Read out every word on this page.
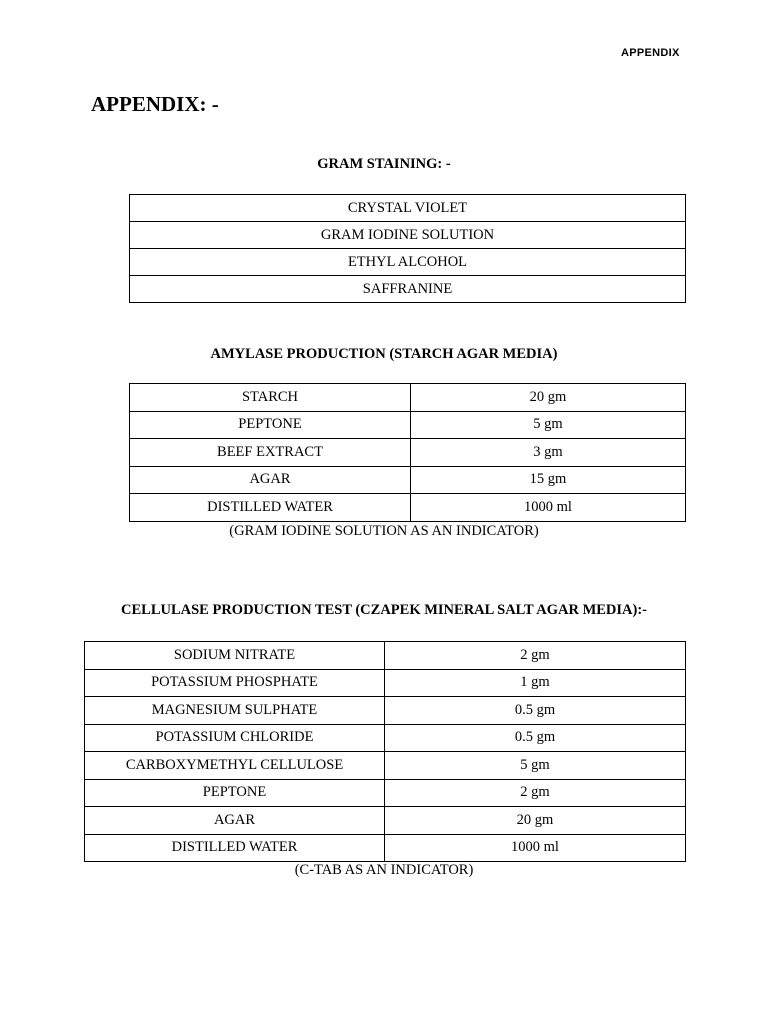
APPENDIX
APPENDIX: -
GRAM STAINING: -
CRYSTAL VIOLET
GRAM IODINE SOLUTION
ETHYL ALCOHOL
SAFFRANINE
AMYLASE PRODUCTION (STARCH AGAR MEDIA)
STARCH	20 gm
PEPTONE	5 gm
BEEF EXTRACT	3 gm
AGAR	15 gm
DISTILLED WATER	1000 ml
(GRAM IODINE SOLUTION AS AN INDICATOR)
CELLULASE PRODUCTION TEST (CZAPEK MINERAL SALT AGAR MEDIA):-
SODIUM NITRATE	2 gm
POTASSIUM PHOSPHATE	1 gm
MAGNESIUM SULPHATE	0.5 gm
POTASSIUM CHLORIDE	0.5 gm
CARBOXYMETHYL CELLULOSE	5 gm
PEPTONE	2 gm
AGAR	20 gm
DISTILLED WATER	1000 ml
(C-TAB AS AN INDICATOR)
